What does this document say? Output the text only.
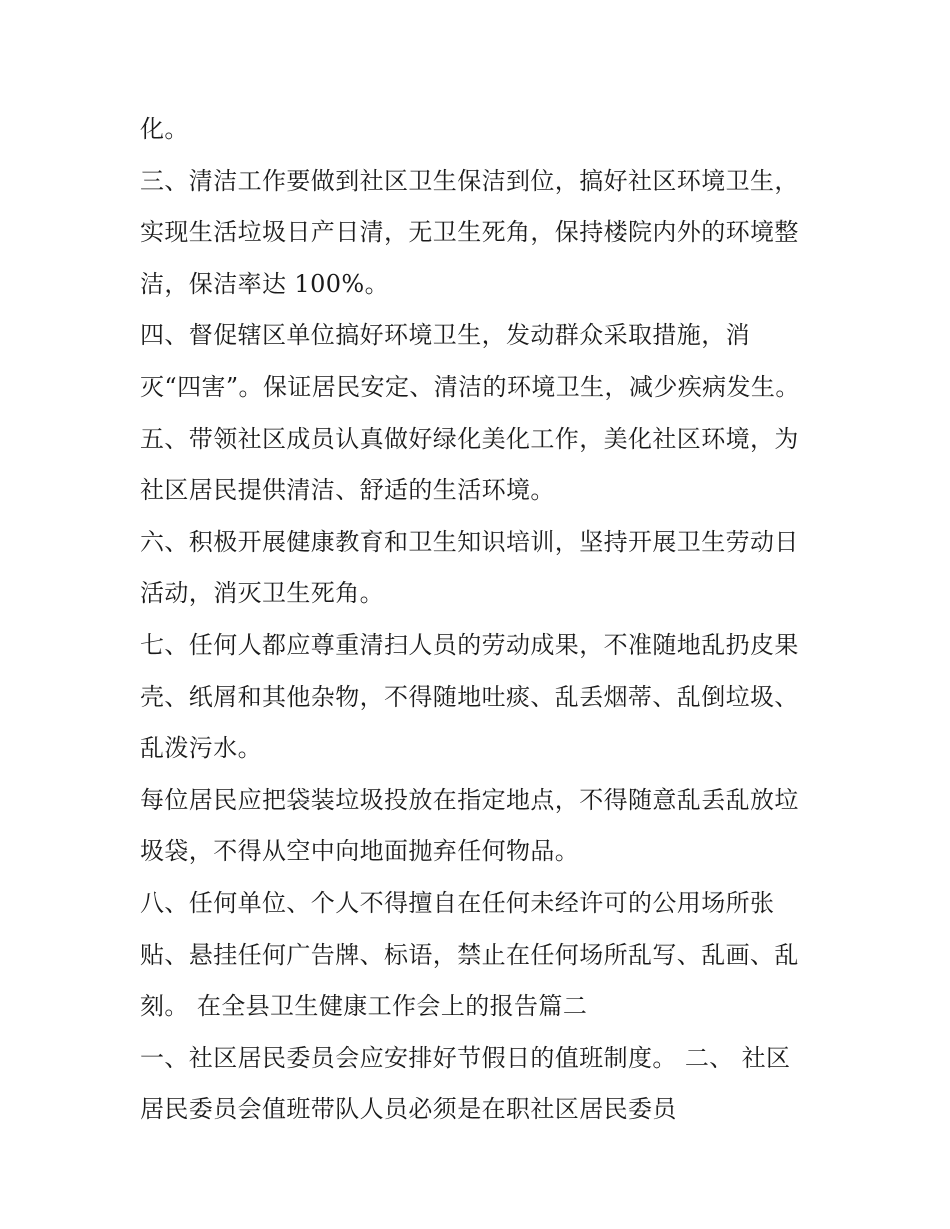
化。
三、清洁工作要做到社区卫生保洁到位，搞好社区环境卫生，
实现生活垃圾日产日清，无卫生死角，保持楼院内外的环境整
洁，保洁率达 100%。
四、督促辖区单位搞好环境卫生，发动群众采取措施，消
灭“四害”。保证居民安定、清洁的环境卫生，减少疾病发生。
五、带领社区成员认真做好绿化美化工作，美化社区环境，为
社区居民提供清洁、舒适的生活环境。
六、积极开展健康教育和卫生知识培训，坚持开展卫生劳动日
活动，消灭卫生死角。
七、任何人都应尊重清扫人员的劳动成果，不准随地乱扔皮果
壳、纸屑和其他杂物，不得随地吐痰、乱丢烟蒂、乱倒垃圾、
乱泼污水。
每位居民应把袋装垃圾投放在指定地点，不得随意乱丢乱放垃
圾袋，不得从空中向地面抛弃任何物品。
八、任何单位、个人不得擅自在任何未经许可的公用场所张
贴、悬挂任何广告牌、标语，禁止在任何场所乱写、乱画、乱
刻。 在全县卫生健康工作会上的报告篇二
一、社区居民委员会应安排好节假日的值班制度。 二、 社区
居民委员会值班带队人员必须是在职社区居民委员
